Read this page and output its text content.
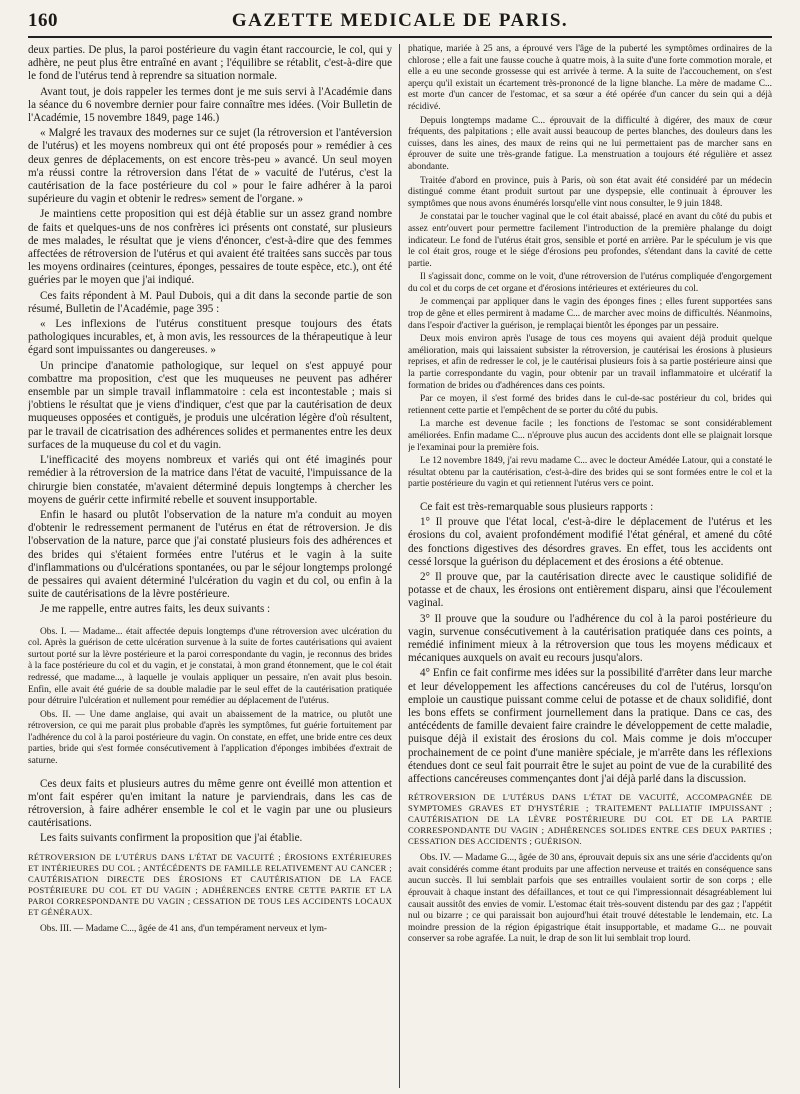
160	GAZETTE MEDICALE DE PARIS.

deux parties. De plus, la paroi postérieure du vagin étant raccourcie, le col, qui y adhère, ne peut plus être entraîné en avant ; l'équilibre se rétablit, c'est-à-dire que le fond de l'utérus tend à reprendre sa situation normale.

Avant tout, je dois rappeler les termes dont je me suis servi à l'Académie dans la séance du 6 novembre dernier pour faire connaître mes idées. (Voir Bulletin de l'Académie, 15 novembre 1849, page 146.)

« Malgré les travaux des modernes sur ce sujet (la rétroversion et l'antéversion de l'utérus) et les moyens nombreux qui ont été proposés pour » remédier à ces deux genres de déplacements, on est encore très-peu » avancé. Un seul moyen m'a réussi contre la rétroversion dans l'état de » vacuité de l'utérus, c'est la cautérisation de la face postérieure du col » pour le faire adhérer à la paroi supérieure du vagin et obtenir le redres» sement de l'organe. »

Je maintiens cette proposition qui est déjà établie sur un assez grand nombre de faits et quelques-uns de nos confrères ici présents ont constaté, sur plusieurs de mes malades, le résultat que je viens d'énoncer, c'est-à-dire que des femmes affectées de rétroversion de l'utérus et qui avaient été traitées sans succès par tous les moyens ordinaires (ceintures, éponges, pessaires de toute espèce, etc.), ont été guéries par le moyen que j'ai indiqué.

Ces faits répondent à M. Paul Dubois, qui a dit dans la seconde partie de son résumé, Bulletin de l'Académie, page 395 :

« Les inflexions de l'utérus constituent presque toujours des états pathologiques incurables, et, à mon avis, les ressources de la thérapeutique à leur égard sont impuissantes ou dangereuses. »

Un principe d'anatomie pathologique, sur lequel on s'est appuyé pour combattre ma proposition, c'est que les muqueuses ne peuvent pas adhérer ensemble par un simple travail inflammatoire : cela est incontestable ; mais si j'obtiens le résultat que je viens d'indiquer, c'est que par la cautérisation de deux muqueuses opposées et contiguës, je produis une ulcération légère d'où résultent, par le travail de cicatrisation des adhérences solides et permanentes entre les deux surfaces de la muqueuse du col et du vagin.

L'inefficacité des moyens nombreux et variés qui ont été imaginés pour remédier à la rétroversion de la matrice dans l'état de vacuité, l'impuissance de la chirurgie bien constatée, m'avaient déterminé depuis longtemps à chercher les moyens de guérir cette infirmité rebelle et souvent insupportable.

Enfin le hasard ou plutôt l'observation de la nature m'a conduit au moyen d'obtenir le redressement permanent de l'utérus en état de rétroversion. Je dis l'observation de la nature, parce que j'ai constaté plusieurs fois des adhérences et des brides qui s'étaient formées entre l'utérus et le vagin à la suite d'inflammations ou d'ulcérations spontanées, ou par le séjour longtemps prolongé de pessaires qui avaient déterminé l'ulcération du vagin et du col, ou enfin à la suite de cautérisations de la lèvre postérieure.

Je me rappelle, entre autres faits, les deux suivants :

Obs. I. — Madame... était affectée depuis longtemps d'une rétroversion avec ulcération du col. Après la guérison de cette ulcération survenue à la suite de fortes cautérisations qui avaient surtout porté sur la lèvre postérieure et la paroi correspondante du vagin, je reconnus des brides à la face postérieure du col et du vagin, et je constatai, à mon grand étonnement, que le col était redressé, que madame..., à laquelle je voulais appliquer un pessaire, n'en avait plus besoin. Enfin, elle avait été guérie de sa double maladie par le seul effet de la cautérisation pratiquée pour détruire l'ulcération et nullement pour remédier au déplacement de l'utérus.

Obs. II. — Une dame anglaise, qui avait un abaissement de la matrice, ou plutôt une rétroversion, ce qui me parait plus probable d'après les symptômes, fut guérie fortuitement par l'adhérence du col à la paroi postérieure du vagin. On constate, en effet, une bride entre ces deux parties, bride qui s'est formée consécutivement à l'application d'éponges imbibées d'extrait de saturne.

Ces deux faits et plusieurs autres du même genre ont éveillé mon attention et m'ont fait espérer qu'en imitant la nature je parviendrais, dans les cas de rétroversion, à faire adhérer ensemble le col et le vagin par une ou plusieurs cautérisations.

Les faits suivants confirment la proposition que j'ai établie.

RÉTROVERSION DE L'UTÉRUS DANS L'ÉTAT DE VACUITÉ ; ÉROSIONS EXTÉRIEURES ET INTÉRIEURES DU COL ; ANTÉCÉDENTS DE FAMILLE RELATIVEMENT AU CANCER ; CAUTÉRISATION DIRECTE DES ÉROSIONS ET CAUTÉRISATION DE LA FACE POSTÉRIEURE DU COL ET DU VAGIN ; ADHÉRENCES ENTRE CETTE PARTIE ET LA PAROI CORRESPONDANTE DU VAGIN ; CESSATION DE TOUS LES ACCIDENTS LOCAUX ET GÉNÉRAUX.

Obs. III. — Madame C..., âgée de 41 ans, d'un tempérament nerveux et lym-

phatique, mariée à 25 ans, a éprouvé vers l'âge de la puberté les symptômes ordinaires de la chlorose ; elle a fait une fausse couche à quatre mois, à la suite d'une forte commotion morale, et elle a eu une seconde grossesse qui est arrivée à terme. A la suite de l'accouchement, on s'est aperçu qu'il existait un écartement très-prononcé de la ligne blanche. La mère de madame C... est morte d'un cancer de l'estomac, et sa sœur a été opérée d'un cancer du sein qui a déjà récidivé.

Depuis longtemps madame C... éprouvait de la difficulté à digérer, des maux de cœur fréquents, des palpitations ; elle avait aussi beaucoup de pertes blanches, des douleurs dans les cuisses, dans les aines, des maux de reins qui ne lui permettaient pas de marcher sans en éprouver de suite une très-grande fatigue. La menstruation a toujours été régulière et assez abondante.

Traitée d'abord en province, puis à Paris, où son état avait été considéré par un médecin distingué comme étant produit surtout par une dyspepsie, elle continuait à éprouver les symptômes que nous avons énumérés lorsqu'elle vint nous consulter, le 9 juin 1848.

Je constatai par le toucher vaginal que le col était abaissé, placé en avant du côté du pubis et assez entr'ouvert pour permettre facilement l'introduction de la première phalange du doigt indicateur. Le fond de l'utérus était gros, sensible et porté en arrière. Par le spéculum je vis que le col était gros, rouge et le siége d'érosions peu profondes, s'étendant dans la cavité de cette partie.

Il s'agissait donc, comme on le voit, d'une rétroversion de l'utérus compliquée d'engorgement du col et du corps de cet organe et d'érosions intérieures et extérieures du col.

Je commençai par appliquer dans le vagin des éponges fines ; elles furent supportées sans trop de gêne et elles permirent à madame C... de marcher avec moins de difficultés. Néanmoins, dans l'espoir d'activer la guérison, je remplaçai bientôt les éponges par un pessaire.

Deux mois environ après l'usage de tous ces moyens qui avaient déjà produit quelque amélioration, mais qui laissaient subsister la rétroversion, je cautérisai les érosions à plusieurs reprises, et afin de redresser le col, je le cautérisai plusieurs fois à sa partie postérieure ainsi que la partie correspondante du vagin, pour obtenir par un travail inflammatoire et ulcératif la formation de brides ou d'adhérences dans ces points.

Par ce moyen, il s'est formé des brides dans le cul-de-sac postérieur du col, brides qui retiennent cette partie et l'empêchent de se porter du côté du pubis.

La marche est devenue facile ; les fonctions de l'estomac se sont considérablement améliorées. Enfin madame C... n'éprouve plus aucun des accidents dont elle se plaignait lorsque je l'examinai pour la première fois.

Le 12 novembre 1849, j'ai revu madame C... avec le docteur Amédée Latour, qui a constaté le résultat obtenu par la cautérisation, c'est-à-dire des brides qui se sont formées entre le col et la partie postérieure du vagin et qui retiennent l'utérus vers ce point.

Ce fait est très-remarquable sous plusieurs rapports :

1° Il prouve que l'état local, c'est-à-dire le déplacement de l'utérus et les érosions du col, avaient profondément modifié l'état général, et amené du côté des fonctions digestives des désordres graves. En effet, tous les accidents ont cessé lorsque la guérison du déplacement et des érosions a été obtenue.

2° Il prouve que, par la cautérisation directe avec le caustique solidifié de potasse et de chaux, les érosions ont entièrement disparu, ainsi que l'écoulement vaginal.

3° Il prouve que la soudure ou l'adhérence du col à la paroi postérieure du vagin, survenue consécutivement à la cautérisation pratiquée dans ces points, a remédié infiniment mieux à la rétroversion que tous les moyens médicaux et mécaniques auxquels on avait eu recours jusqu'alors.

4° Enfin ce fait confirme mes idées sur la possibilité d'arrêter dans leur marche et leur développement les affections cancéreuses du col de l'utérus, lorsqu'on emploie un caustique puissant comme celui de potasse et de chaux solidifié, dont les bons effets se confirment journellement dans la pratique. Dans ce cas, des antécédents de famille devaient faire craindre le développement de cette maladie, puisque déjà il existait des érosions du col. Mais comme je dois m'occuper prochainement de ce point d'une manière spéciale, je m'arrête dans les réflexions étendues dont ce seul fait pourrait être le sujet au point de vue de la curabilité des affections cancéreuses commençantes dont j'ai déjà parlé dans la discussion.

RÉTROVERSION DE L'UTÉRUS DANS L'ÉTAT DE VACUITÉ, ACCOMPAGNÉE DE SYMPTOMES GRAVES ET D'HYSTÉRIE ; TRAITEMENT PALLIATIF IMPUISSANT ; CAUTÉRISATION DE LA LÈVRE POSTÉRIEURE DU COL ET DE LA PARTIE CORRESPONDANTE DU VAGIN ; ADHÉRENCES SOLIDES ENTRE CES DEUX PARTIES ; CESSATION DES ACCIDENTS ; GUÉRISON.

Obs. IV. — Madame G..., âgée de 30 ans, éprouvait depuis six ans une série d'accidents qu'on avait considérés comme étant produits par une affection nerveuse et traités en conséquence sans aucun succès. Il lui semblait parfois que ses entrailles voulaient sortir de son corps ; elle éprouvait à chaque instant des défaillances, et tout ce qui l'impressionnait désagréablement lui causait aussitôt des envies de vomir. L'estomac était très-souvent distendu par des gaz ; l'appétit nul ou bizarre ; ce qui paraissait bon aujourd'hui était trouvé détestable le lendemain, etc. La moindre pression de la région épigastrique était insupportable, et madame G... ne pouvait conserver sa robe agrafée. La nuit, le drap de son lit lui semblait trop lourd.
